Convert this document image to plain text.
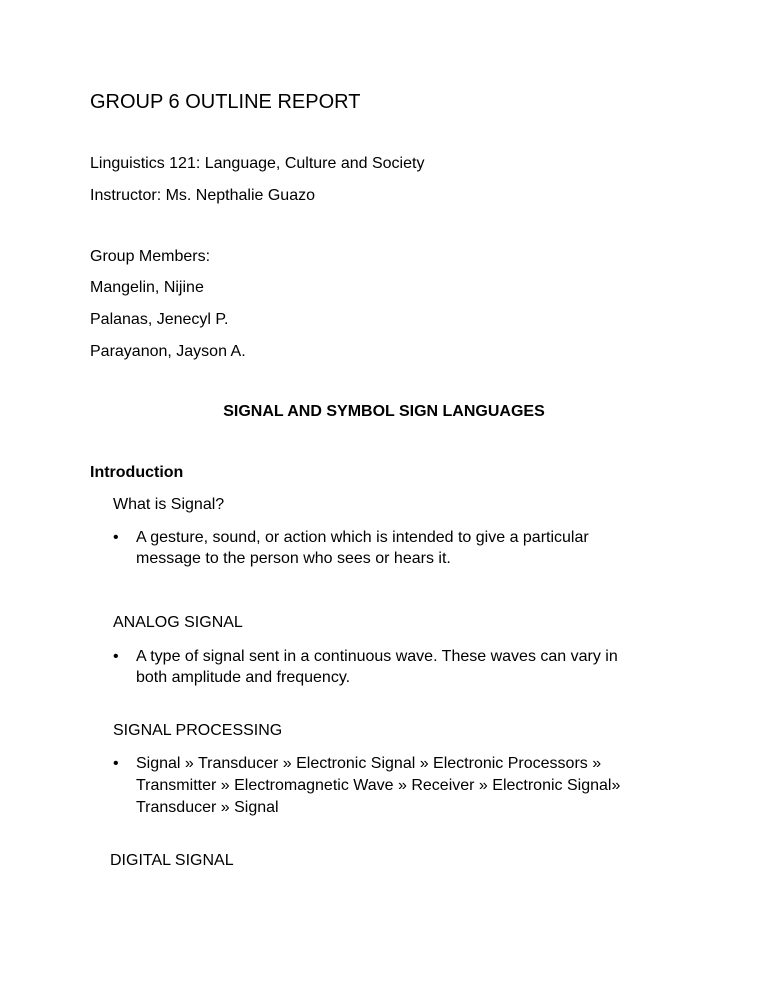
GROUP 6 OUTLINE REPORT
Linguistics 121: Language, Culture and Society
Instructor: Ms. Nepthalie Guazo
Group Members:
Mangelin, Nijine
Palanas, Jenecyl P.
Parayanon, Jayson A.
SIGNAL AND SYMBOL SIGN LANGUAGES
Introduction
What is Signal?
• A gesture, sound, or action which is intended to give a particular
message to the person who sees or hears it.
ANALOG SIGNAL
• A type of signal sent in a continuous wave. These waves can vary in
both amplitude and frequency.
SIGNAL PROCESSING
• Signal » Transducer » Electronic Signal » Electronic Processors »
Transmitter » Electromagnetic Wave » Receiver » Electronic Signal»
Transducer » Signal
DIGITAL SIGNAL
